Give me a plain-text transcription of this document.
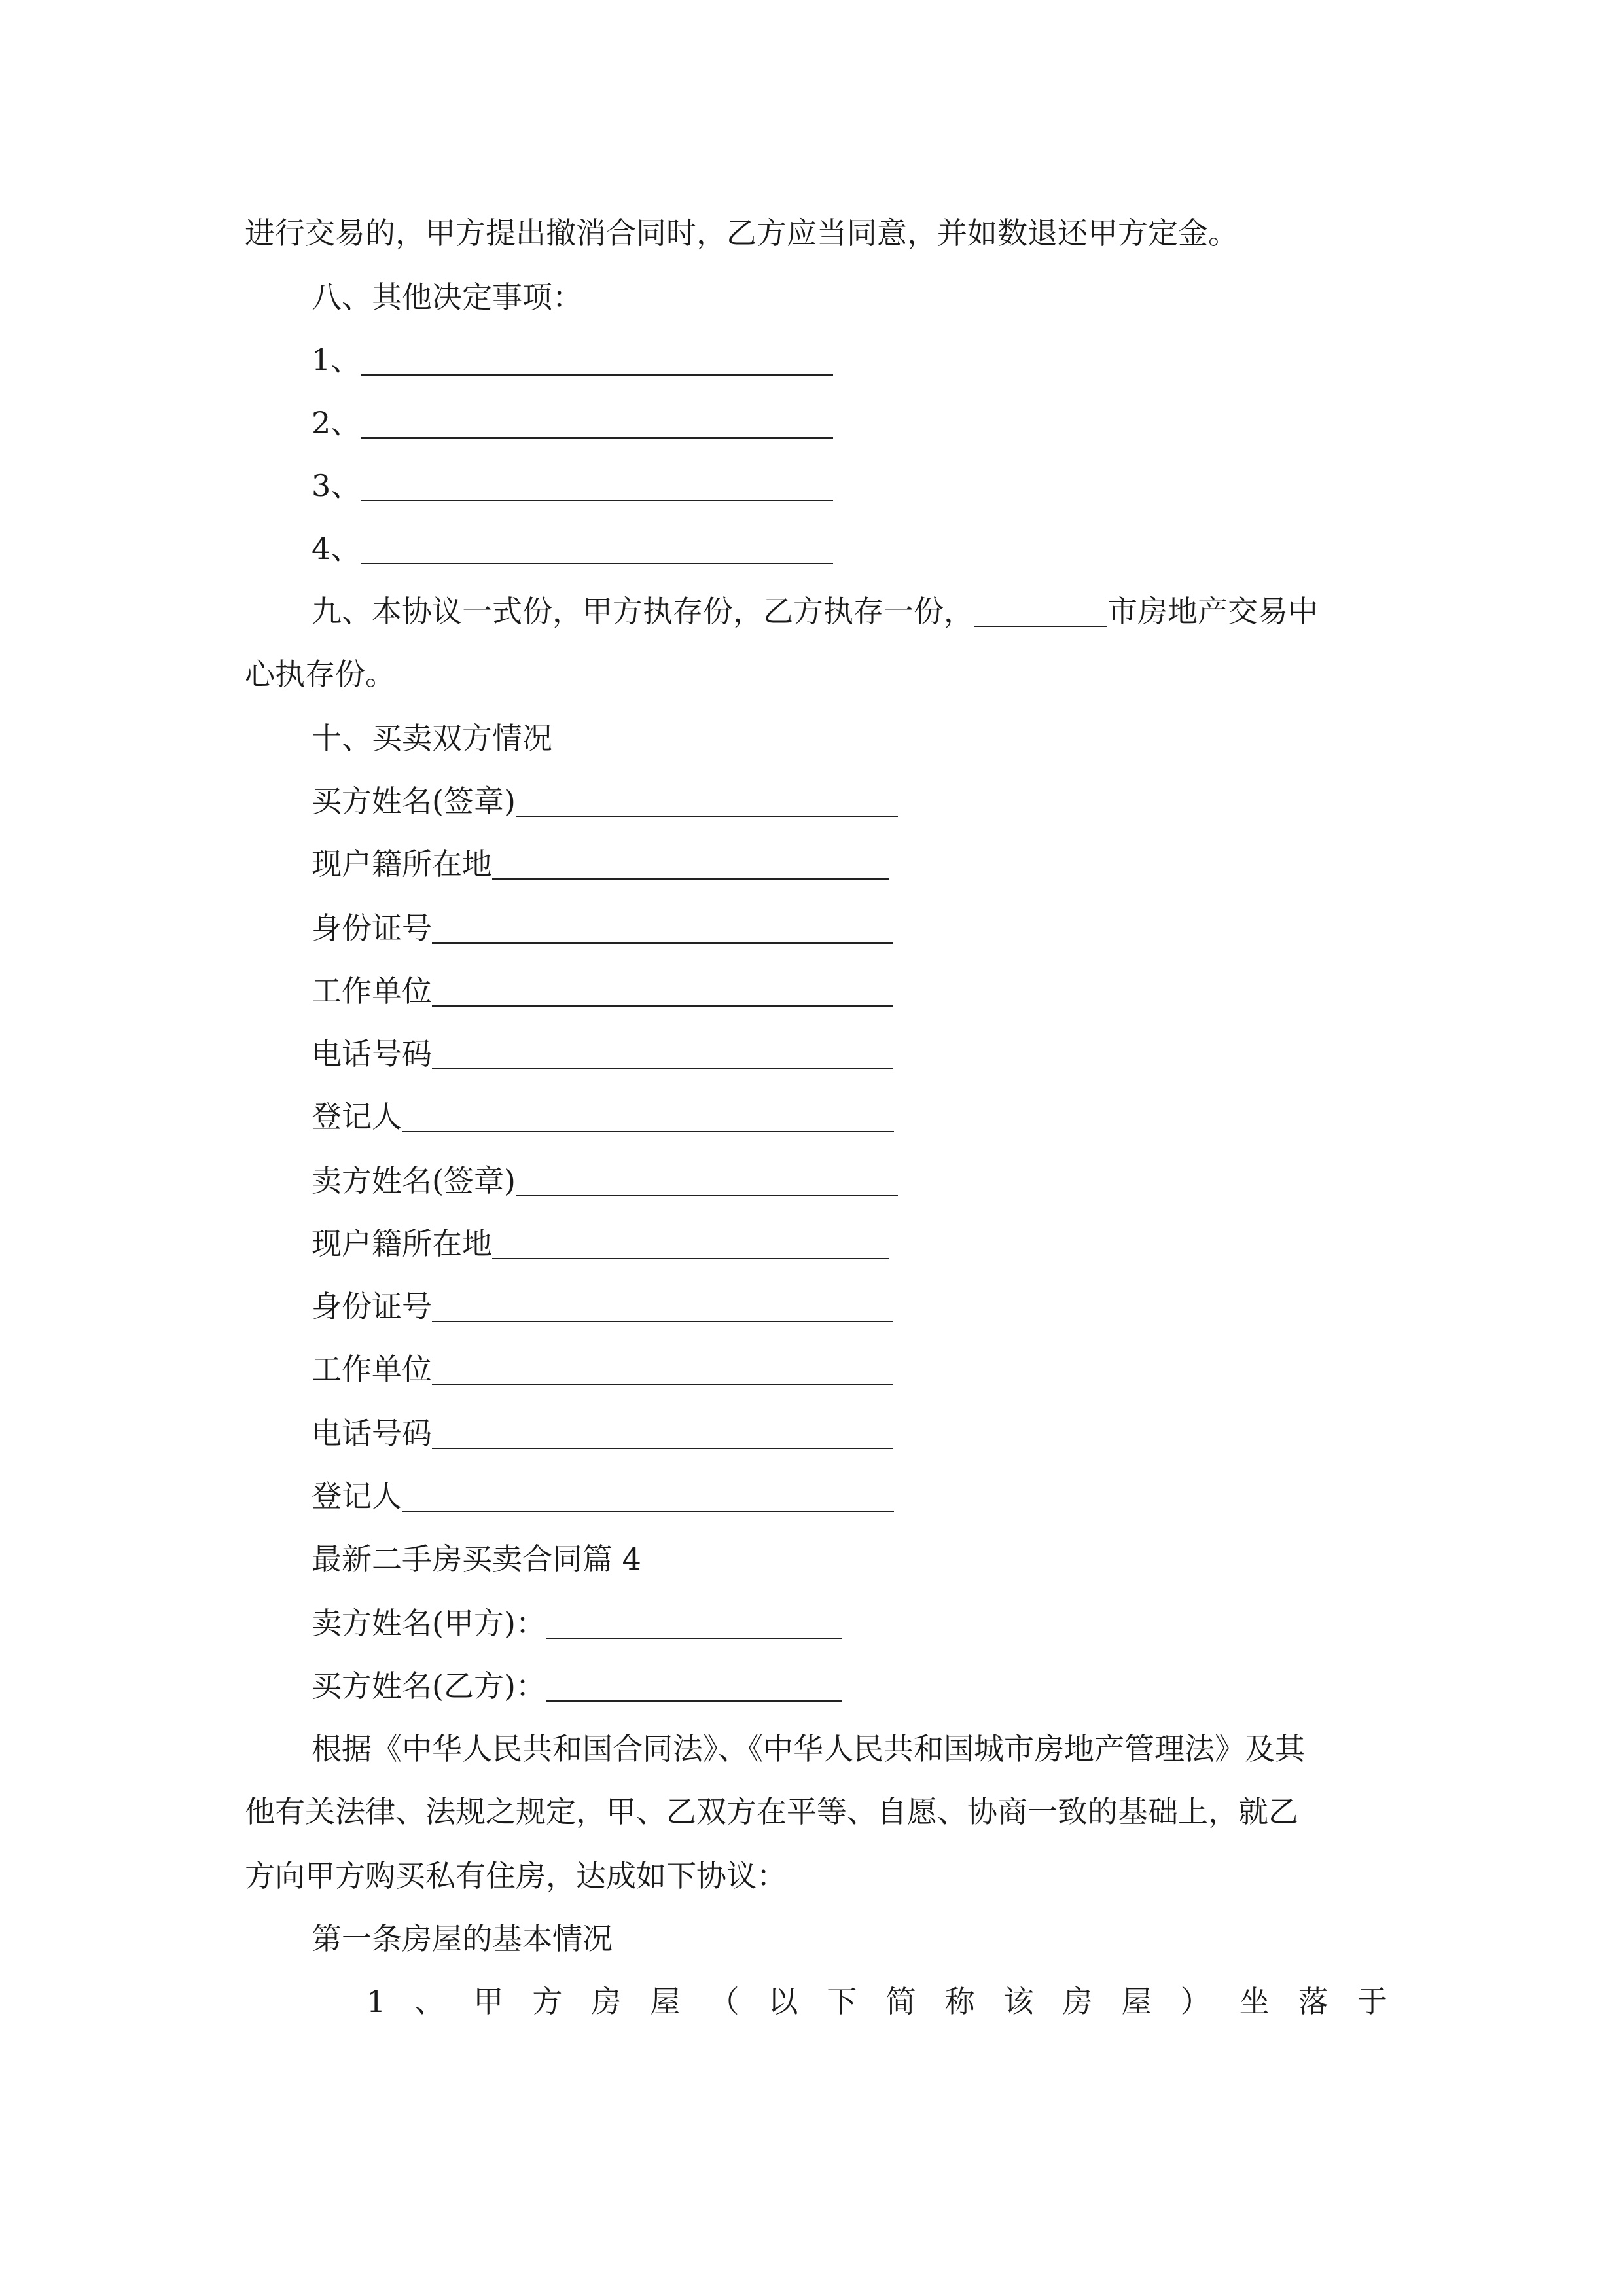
进行交易的，甲方提出撤消合同时，乙方应当同意，并如数退还甲方定金。
八、其他决定事项：
1、
2、
3、
4、
九、本协议一式份，甲方执存份，乙方执存一份，	市房地产交易中
心执存份。
十、买卖双方情况
买方姓名(签章)
现户籍所在地
身份证号
工作单位
电话号码
登记人
卖方姓名(签章)
现户籍所在地
身份证号
工作单位
电话号码
登记人
最新二手房买卖合同篇 4
卖方姓名(甲方)：
买方姓名(乙方)：
根据《中华人民共和国合同法》、《中华人民共和国城市房地产管理法》及其
他有关法律、法规之规定，甲、乙双方在平等、自愿、协商一致的基础上，就乙
方向甲方购买私有住房，达成如下协议：
第一条房屋的基本情况
1 、 甲 方 房 屋 （ 以 下 简 称 该 房 屋 ） 坐 落 于
